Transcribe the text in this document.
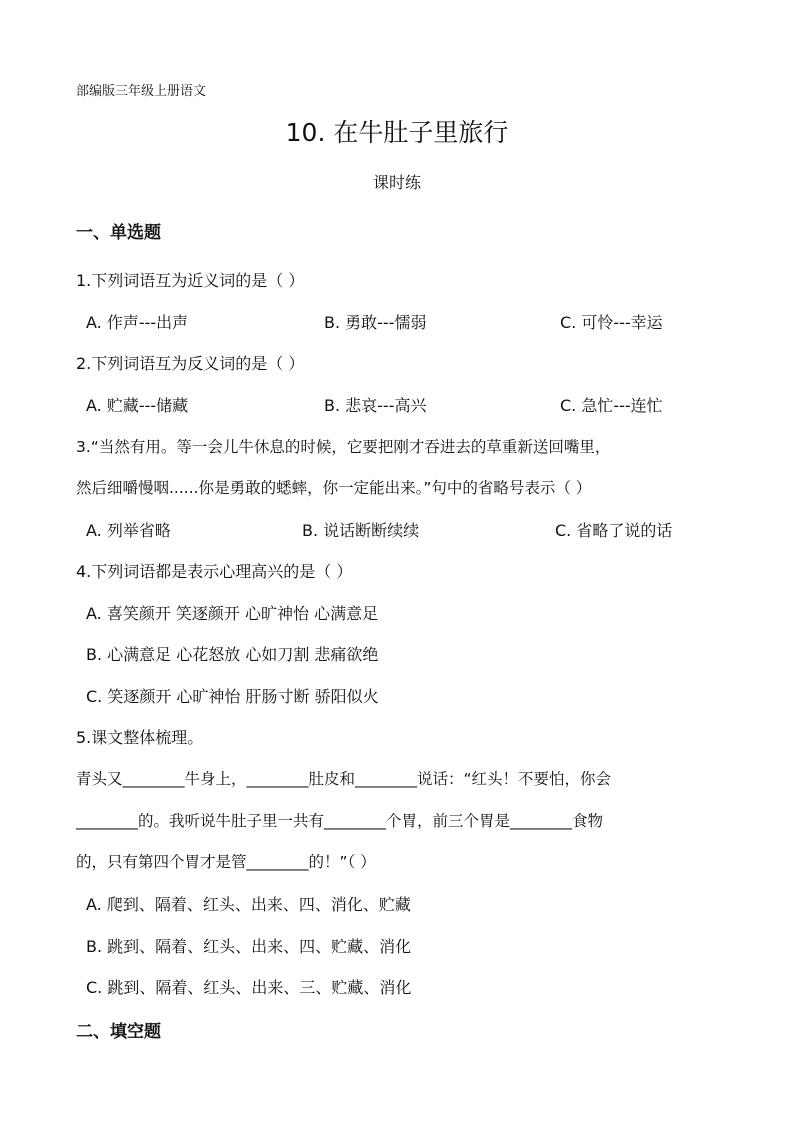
部编版三年级上册语文
10. 在牛肚子里旅行
课时练
一、单选题
1.下列词语互为近义词的是（ ）
A. 作声---出声	B. 勇敢---懦弱	C. 可怜---幸运
2.下列词语互为反义词的是（ ）
A. 贮藏---储藏	B. 悲哀---高兴	C. 急忙---连忙
3.“当然有用。等一会儿牛休息的时候，它要把刚才吞进去的草重新送回嘴里，
然后细嚼慢咽......你是勇敢的蟋蟀，你一定能出来。”句中的省略号表示（ ）
A. 列举省略	B. 说话断断续续	C. 省略了说的话
4.下列词语都是表示心理高兴的是（ ）
A. 喜笑颜开 笑逐颜开 心旷神怡 心满意足
B. 心满意足 心花怒放 心如刀割 悲痛欲绝
C. 笑逐颜开 心旷神怡 肝肠寸断 骄阳似火
5.课文整体梳理。
青头又________牛身上，________肚皮和________说话：“红头！不要怕，你会
________的。我听说牛肚子里一共有________个胃，前三个胃是________食物
的，只有第四个胃才是管________的！”（ ）
A. 爬到、隔着、红头、出来、四、消化、贮藏
B. 跳到、隔着、红头、出来、四、贮藏、消化
C. 跳到、隔着、红头、出来、三、贮藏、消化
二、填空题
